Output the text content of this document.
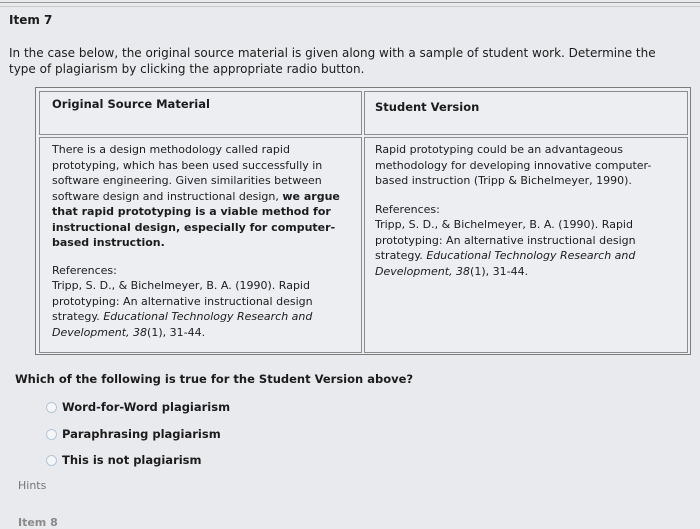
Item 7
In the case below, the original source material is given along with a sample of student work. Determine the type of plagiarism by clicking the appropriate radio button.
Original Source Material	Student Version
There is a design methodology called rapid prototyping, which has been used successfully in software engineering. Given similarities between software design and instructional design, we argue that rapid prototyping is a viable method for instructional design, especially for computer-based instruction.
References:
Tripp, S. D., & Bichelmeyer, B. A. (1990). Rapid prototyping: An alternative instructional design strategy. Educational Technology Research and Development, 38(1), 31-44.
Rapid prototyping could be an advantageous methodology for developing innovative computer-based instruction (Tripp & Bichelmeyer, 1990).
References:
Tripp, S. D., & Bichelmeyer, B. A. (1990). Rapid prototyping: An alternative instructional design strategy. Educational Technology Research and Development, 38(1), 31-44.
Which of the following is true for the Student Version above?
Word-for-Word plagiarism
Paraphrasing plagiarism
This is not plagiarism
Hints
Item 8
